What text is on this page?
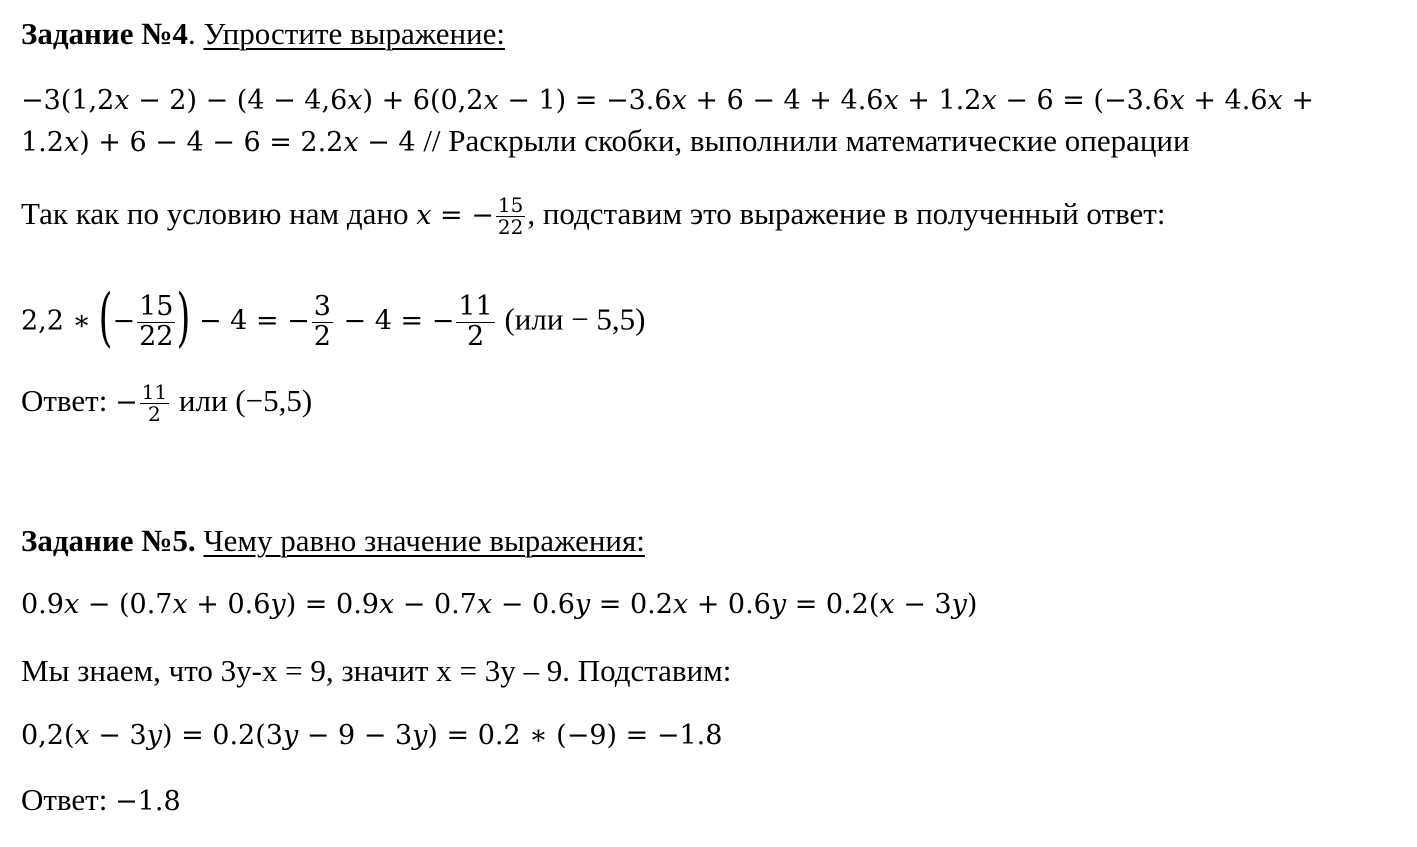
Задание №4. Упростите выражение:
−3(1,2x − 2) − (4 − 4,6x) + 6(0,2x − 1) = −3.6x + 6 − 4 + 4.6x + 1.2x − 6 = (−3.6x + 4.6x +
1.2x) + 6 − 4 − 6 = 2.2x − 4 // Раскрыли скобки, выполнили математические операции
Так как по условию нам дано x = − $\frac{15}{22}$ , подставим это выражение в полученный ответ:
2,2 ∗ (− $\frac{15}{22}$ ) − 4 = − $\frac{3}{2} - 4$ = − $\frac{11}{2} (или - 5,5)$
Ответ: − $\frac{11}{2}$ или (−5,5)
Задание №5. Чему равно значение выражения:
0.9x − (0.7x + 0.6y) = 0.9x − 0.7x − 0.6y = 0.2x + 0.6y = 0.2(x − 3y)
Мы знаем, что 3y-x = 9, значит x = 3y – 9. Подставим:
0,2(x − 3y) = 0.2(3y − 9 − 3y) = 0.2 ∗ (−9) = −1.8
Ответ: −1.8
